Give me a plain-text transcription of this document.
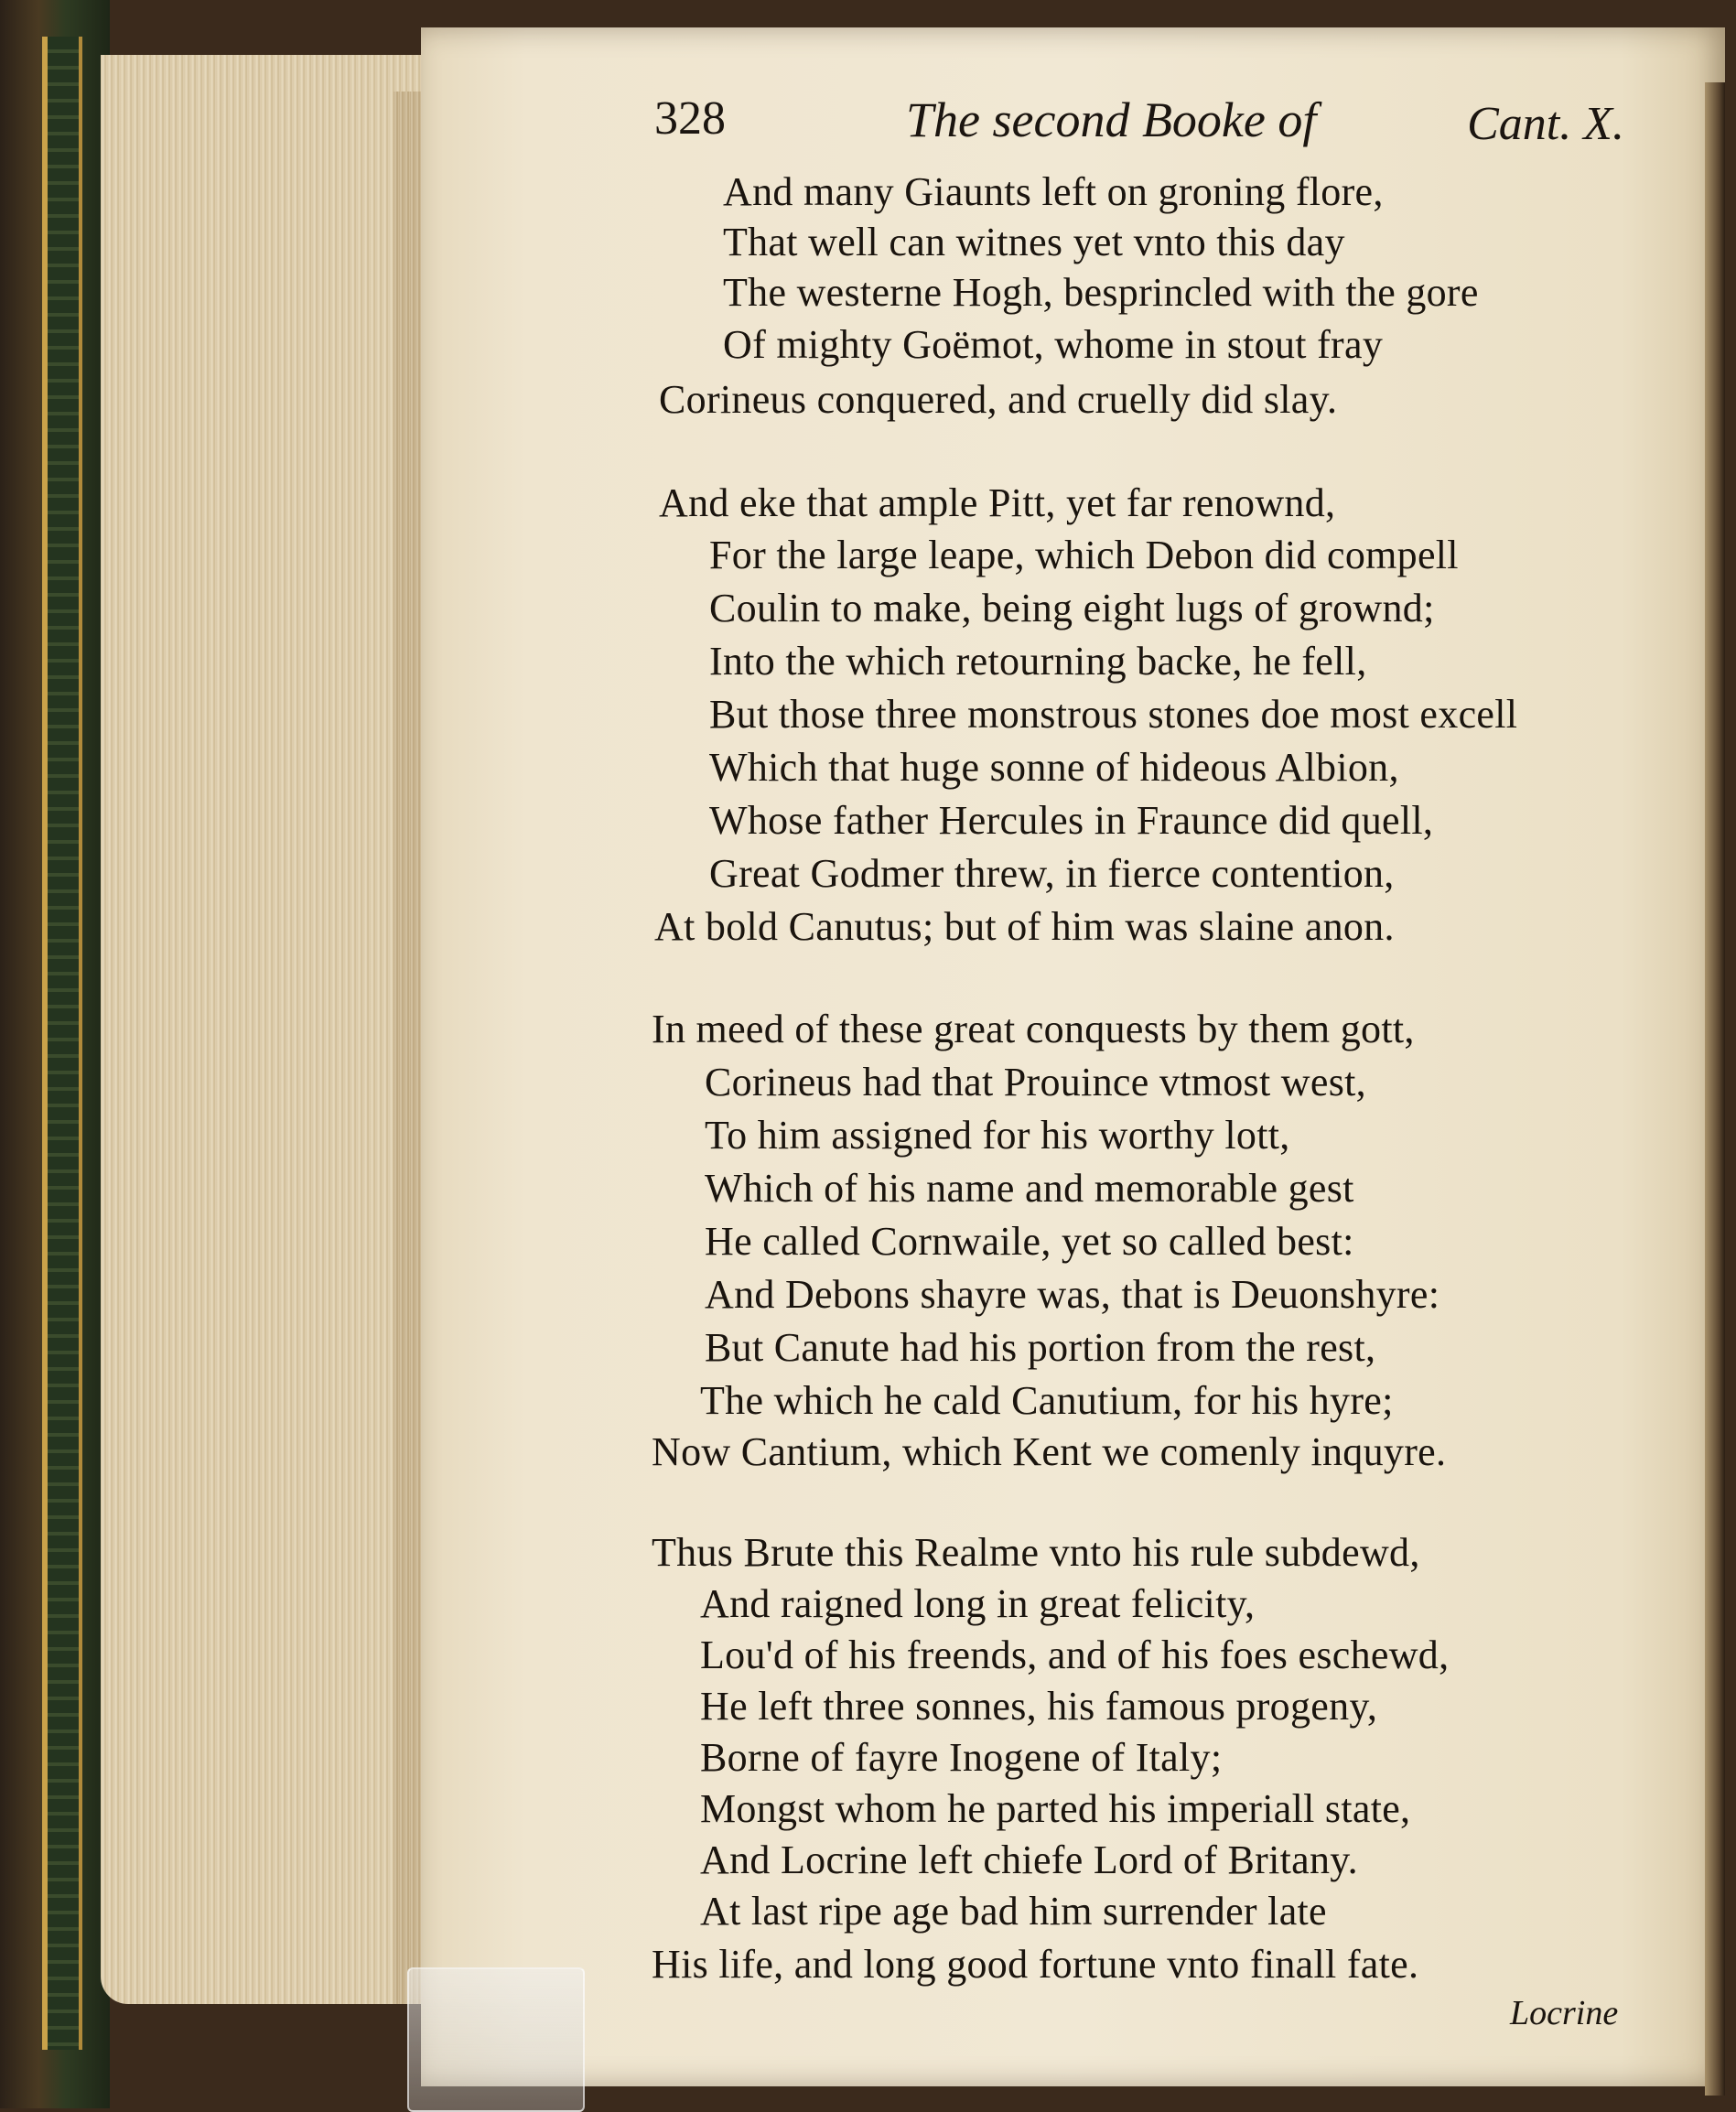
328	The second Booke of	Cant. X.
And many Giaunts left on groning flore,
That well can witnes yet vnto this day
The westerne Hogh, besprincled with the gore
Of mighty Goëmot, whome in stout fray
Corineus conquered, and cruelly did slay.
And eke that ample Pitt, yet far renownd,
For the large leape, which Debon did compell
Coulin to make, being eight lugs of grownd;
Into the which retourning backe, he fell,
But those three monstrous stones doe most excell
Which that huge sonne of hideous Albion,
Whose father Hercules in Fraunce did quell,
Great Godmer threw, in fierce contention,
At bold Canutus; but of him was slaine anon.
In meed of these great conquests by them gott,
Corineus had that Prouince vtmost west,
To him assigned for his worthy lott,
Which of his name and memorable gest
He called Cornwaile, yet so called best:
And Debons shayre was, that is Deuonshyre:
But Canute had his portion from the rest,
The which he cald Canutium, for his hyre;
Now Cantium, which Kent we comenly inquyre.
Thus Brute this Realme vnto his rule subdewd,
And raigned long in great felicity,
Lou'd of his freends, and of his foes eschewd,
He left three sonnes, his famous progeny,
Borne of fayre Inogene of Italy;
Mongst whom he parted his imperiall state,
And Locrine left chiefe Lord of Britany.
At last ripe age bad him surrender late
His life, and long good fortune vnto finall fate.
Locrine
